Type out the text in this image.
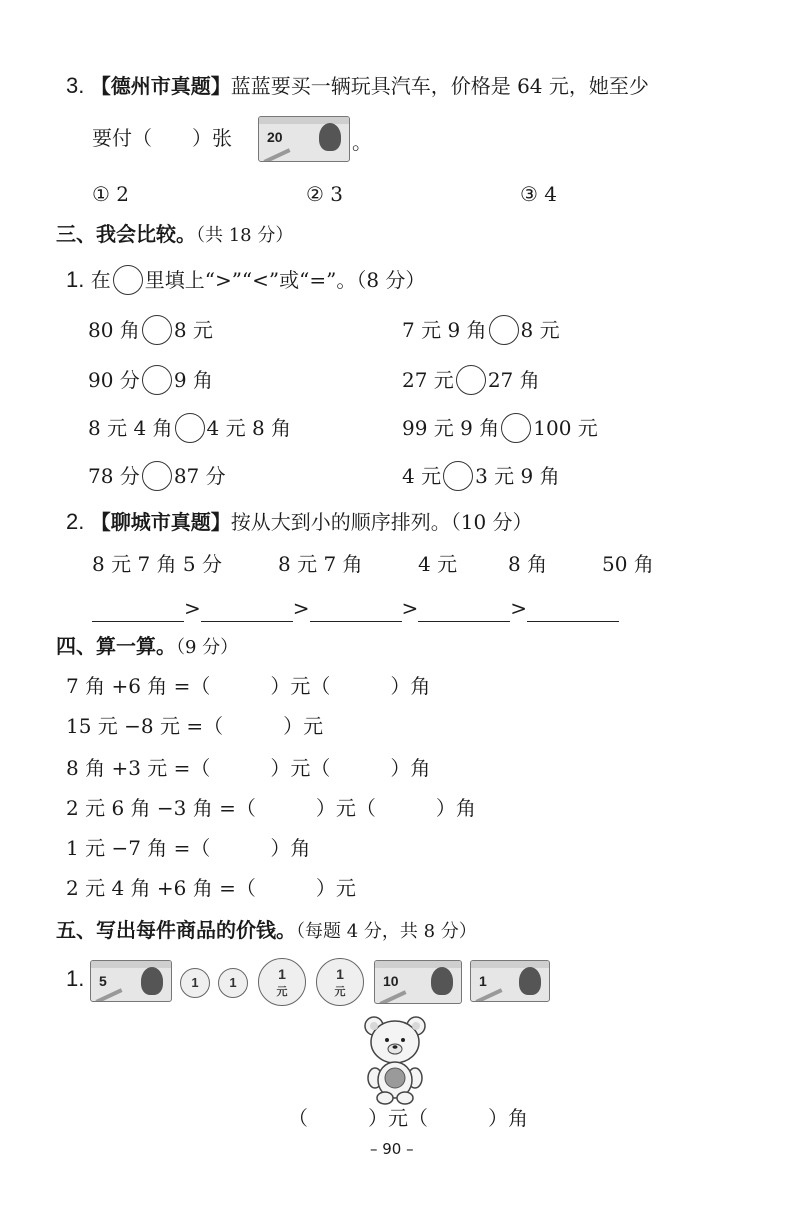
3. 【德州市真题】蓝蓝要买一辆玩具汽车，价格是 64 元，她至少
要付（　　）张	20	。
① 2	② 3	③ 4
三、我会比较。（共 18 分）
1. 在 里填上“>”“<”或“=”。（8 分）
80 角 8 元	7 元 9 角 8 元
90 分 9 角	27 元 27 角
8 元 4 角 4 元 8 角	99 元 9 角 100 元
78 分 87 分	4 元 3 元 9 角
2. 【聊城市真题】按从大到小的顺序排列。（10 分）
8 元 7 角 5 分	8 元 7 角	4 元	8 角	50 角
>	>	>	>
四、算一算。（9 分）
7 角 +6 角 =（　　　）元（　　　）角
15 元 −8 元 =（　　　）元
8 角 +3 元 =（　　　）元（　　　）角
2 元 6 角 −3 角 =（　　　）元（　　　）角
1 元 −7 角 =（　　　）角
2 元 4 角 +6 角 =（　　　）元
五、写出每件商品的价钱。（每题 4 分，共 8 分）
1. 5	1	1
1
元
1
元
10	1
（　　　）元（　　　）角
– 90 –
